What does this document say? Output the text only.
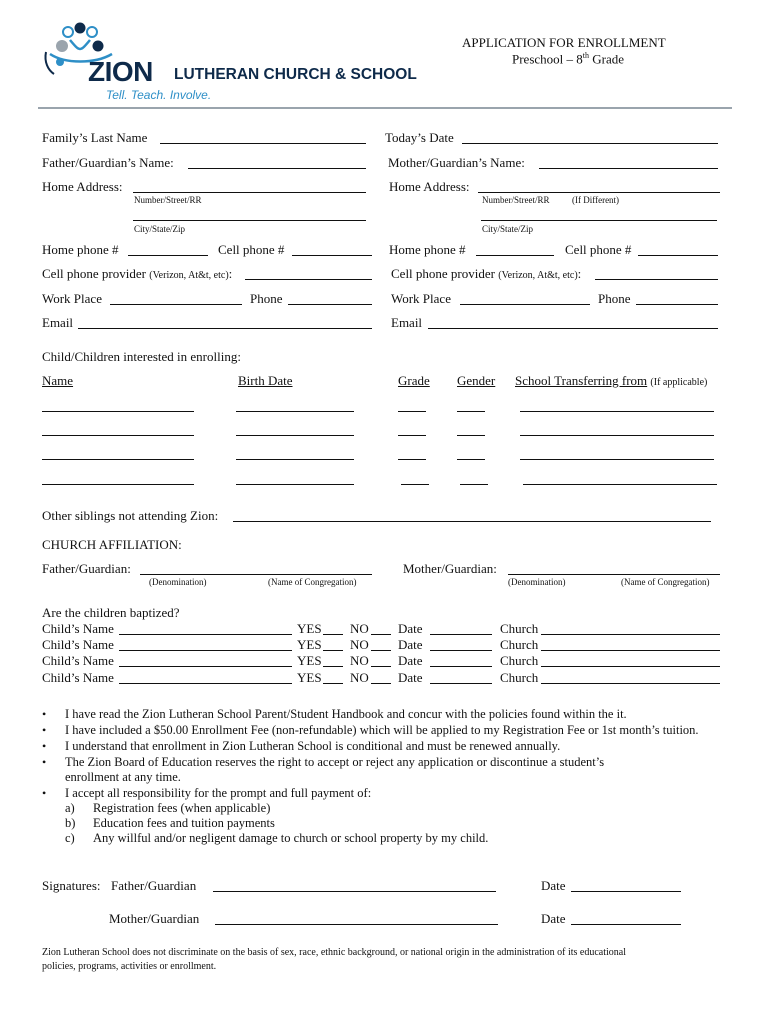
ZION LUTHERAN CHURCH & SCHOOL
Tell. Teach. Involve.
APPLICATION FOR ENROLLMENT
Preschool – 8th Grade
Family’s Last Name	Today’s Date
Father/Guardian’s Name:	Mother/Guardian’s Name:
Home Address:
Number/Street/RR
City/State/Zip
Home Address:
Number/Street/RR	(If Different)
City/State/Zip
Home phone #	Cell phone #	Home phone #	Cell phone #
Cell phone provider (Verizon, At&t, etc):	Cell phone provider (Verizon, At&t, etc):
Work Place	Phone	Work Place	Phone
Email	Email
Child/Children interested in enrolling:
Name	Birth Date	Grade Gender School Transferring from (If applicable)
Other siblings not attending Zion:
CHURCH AFFILIATION:
Father/Guardian:
(Denomination)	(Name of Congregation)
Mother/Guardian:
(Denomination)	(Name of Congregation)
Are the children baptized?
Child’s Name	YES NO Date	Church
Child’s Name	YES NO Date	Church
Child’s Name	YES NO Date	Church
Child’s Name	YES NO Date	Church
• I have read the Zion Lutheran School Parent/Student Handbook and concur with the policies found within the it.
• I have included a $50.00 Enrollment Fee (non-refundable) which will be applied to my Registration Fee or 1st month’s tuition.
• I understand that enrollment in Zion Lutheran School is conditional and must be renewed annually.
• The Zion Board of Education reserves the right to accept or reject any application or discontinue a student’s
enrollment at any time.
• I accept all responsibility for the prompt and full payment of:
a) Registration fees (when applicable)
b) Education fees and tuition payments
c) Any willful and/or negligent damage to church or school property by my child.
Signatures: Father/Guardian	Date
Mother/Guardian	Date
Zion Lutheran School does not discriminate on the basis of sex, race, ethnic background, or national origin in the administration of its educational
policies, programs, activities or enrollment.
